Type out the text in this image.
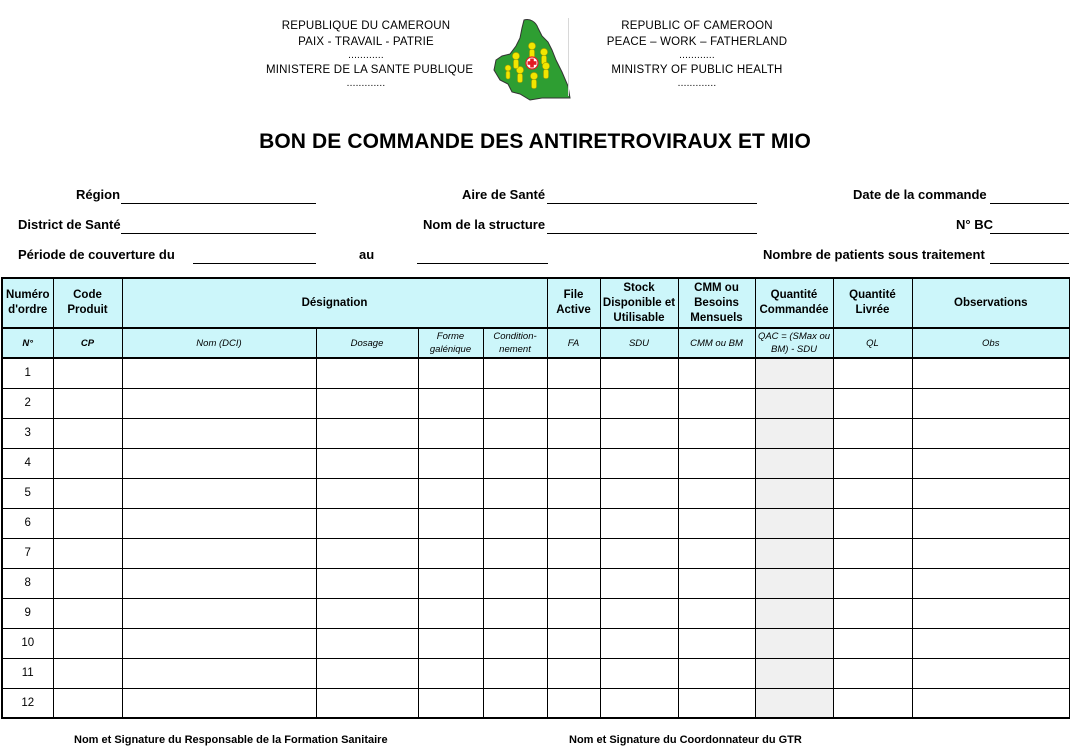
REPUBLIQUE DU CAMEROUN
PAIX - TRAVAIL - PATRIE
............
MINISTERE DE LA SANTE PUBLIQUE
.............
REPUBLIC OF CAMEROON
PEACE – WORK – FATHERLAND
............
MINISTRY OF PUBLIC HEALTH
.............
BON DE COMMANDE DES ANTIRETROVIRAUX ET MIO
Région	Aire de Santé	Date de la commande
District de Santé	Nom de la structure	N° BC
Période de couverture du	au	Nombre de patients sous traitement
Numéro d'ordre	Code Produit	Désignation				File Active	Stock Disponible et Utilisable	CMM ou Besoins Mensuels	Quantité Commandée	Quantité Livrée	Observations
N°	CP	Nom (DCI)	Dosage	Forme galénique	Condition-nement	FA	SDU	CMM ou BM	QAC = (SMax ou BM) - SDU	QL	Obs
1											
2											
3											
4											
5											
6											
7											
8											
9											
10											
11											
12											
Nom et Signature du Responsable de la Formation Sanitaire	Nom et Signature du Coordonnateur du GTR
